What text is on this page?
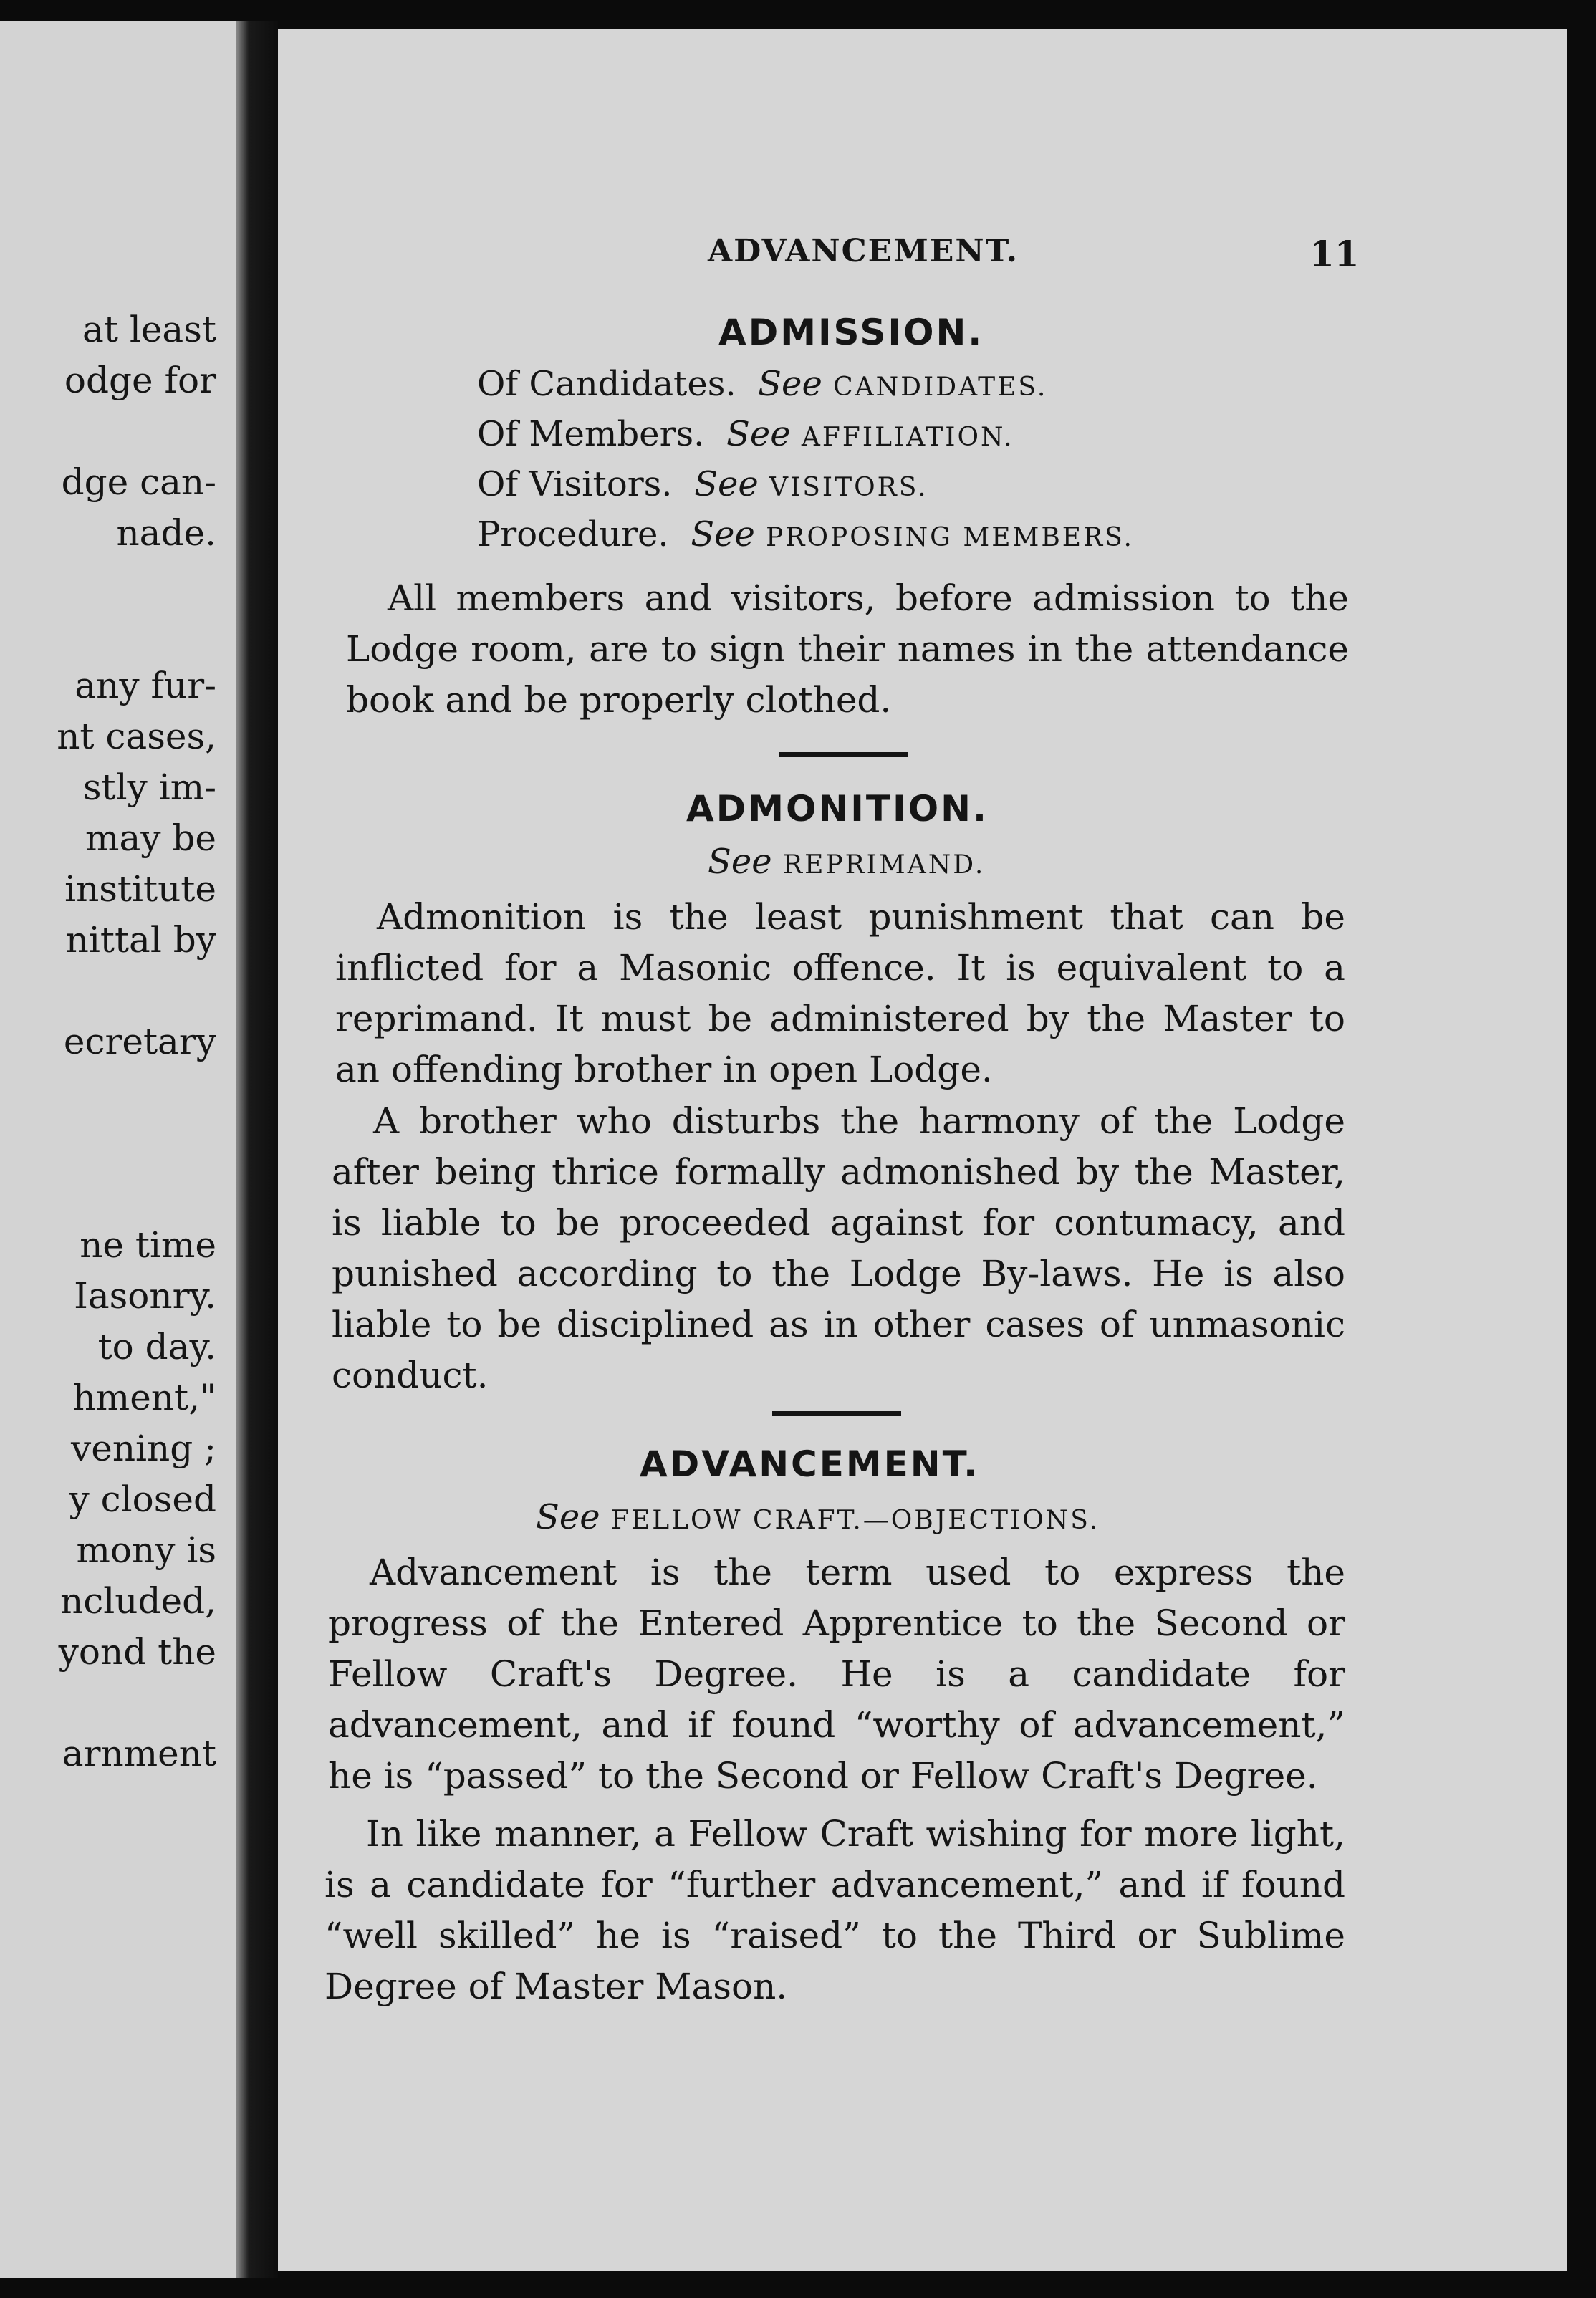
at least
odge for
dge can-
nade.
any fur-
nt cases,
stly im-
may be
institute
nittal by
ecretary
ne time
Iasonry.
to day.
hment,"
vening ;
y closed
mony is
ncluded,
yond the
arnment
ADVANCEMENT.	11
ADMISSION.
Of Candidates. See CANDIDATES.
Of Members. See AFFILIATION.
Of Visitors. See VISITORS.
Procedure. See PROPOSING MEMBERS.
All members and visitors, before admission to the Lodge room, are to sign their names in the attendance book and be properly clothed.
ADMONITION.
See REPRIMAND.
Admonition is the least punishment that can be inflicted for a Masonic offence. It is equivalent to a reprimand. It must be administered by the Master to an offending brother in open Lodge.
A brother who disturbs the harmony of the Lodge after being thrice formally admonished by the Master, is liable to be proceeded against for contumacy, and punished according to the Lodge By-laws. He is also liable to be disciplined as in other cases of unmasonic conduct.
ADVANCEMENT.
See FELLOW CRAFT.—OBJECTIONS.
Advancement is the term used to express the progress of the Entered Apprentice to the Second or Fellow Craft's Degree. He is a candidate for advancement, and if found “worthy of advancement,” he is “passed” to the Second or Fellow Craft's Degree.
In like manner, a Fellow Craft wishing for more light, is a candidate for “further advancement,” and if found “well skilled” he is “raised” to the Third or Sublime Degree of Master Mason.
